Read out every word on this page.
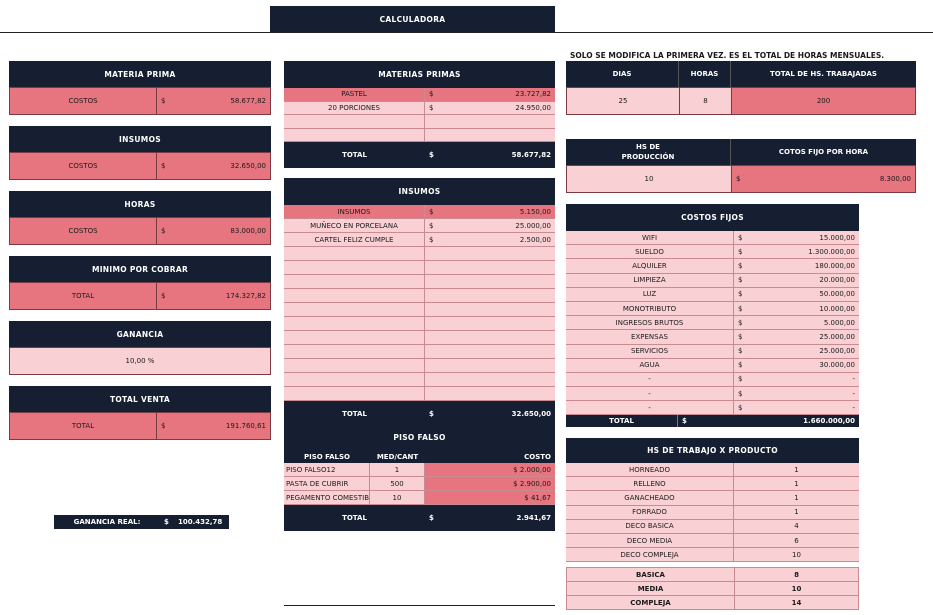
CALCULADORA
SOLO SE MODIFICA LA PRIMERA VEZ. ES EL TOTAL DE HORAS MENSUALES.
MATERIA PRIMA
COSTOS	$	58.677,82
INSUMOS
COSTOS	$	32.650,00
HORAS
COSTOS	$	83.000,00
MINIMO POR COBRAR
TOTAL	$	174.327,82
GANANCIA
10,00 %
TOTAL VENTA
TOTAL	$	191.760,61
GANANCIA REAL:	$	100.432,78
MATERIAS PRIMAS
PASTEL	$	23.727,82
20 PORCIONES	$	24.950,00
TOTAL	$	58.677,82
INSUMOS
INSUMOS	$	5.150,00
MUÑECO EN PORCELANA	$	25.000,00
CARTEL FELIZ CUMPLE	$	2.500,00
TOTAL	$	32.650,00
PISO FALSO
PISO FALSO	MED/CANT	COSTO
PISO FALSO12	1	$ 2.000,00
PASTA DE CUBRIR	500	$ 2.900,00
PEGAMENTO COMESTIB	10	$ 41,67
TOTAL	$	2.941,67
DIAS	HORAS	TOTAL DE HS. TRABAJADAS
25	8	200
HS DE
PRODUCCIÓN
COTOS FIJO POR HORA
10	$	8.300,00
COSTOS FIJOS
WIFI	$	15.000,00
SUELDO	$	1.300.000,00
ALQUILER	$	180.000,00
LIMPIEZA	$	20.000,00
LUZ	$	50.000,00
MONOTRIBUTO	$	10.000,00
INGRESOS BRUTOS	$	5.000,00
EXPENSAS	$	25.000,00
SERVICIOS	$	25.000,00
AGUA	$	30.000,00
-	$	-
-	$	-
-	$	-
TOTAL	$	1.660.000,00
HS DE TRABAJO X PRODUCTO
HORNEADO	1
RELLENO	1
GANACHEADO	1
FORRADO	1
DECO BASICA	4
DECO MEDIA	6
DECO COMPLEJA	10
BASICA	8
MEDIA	10
COMPLEJA	14
